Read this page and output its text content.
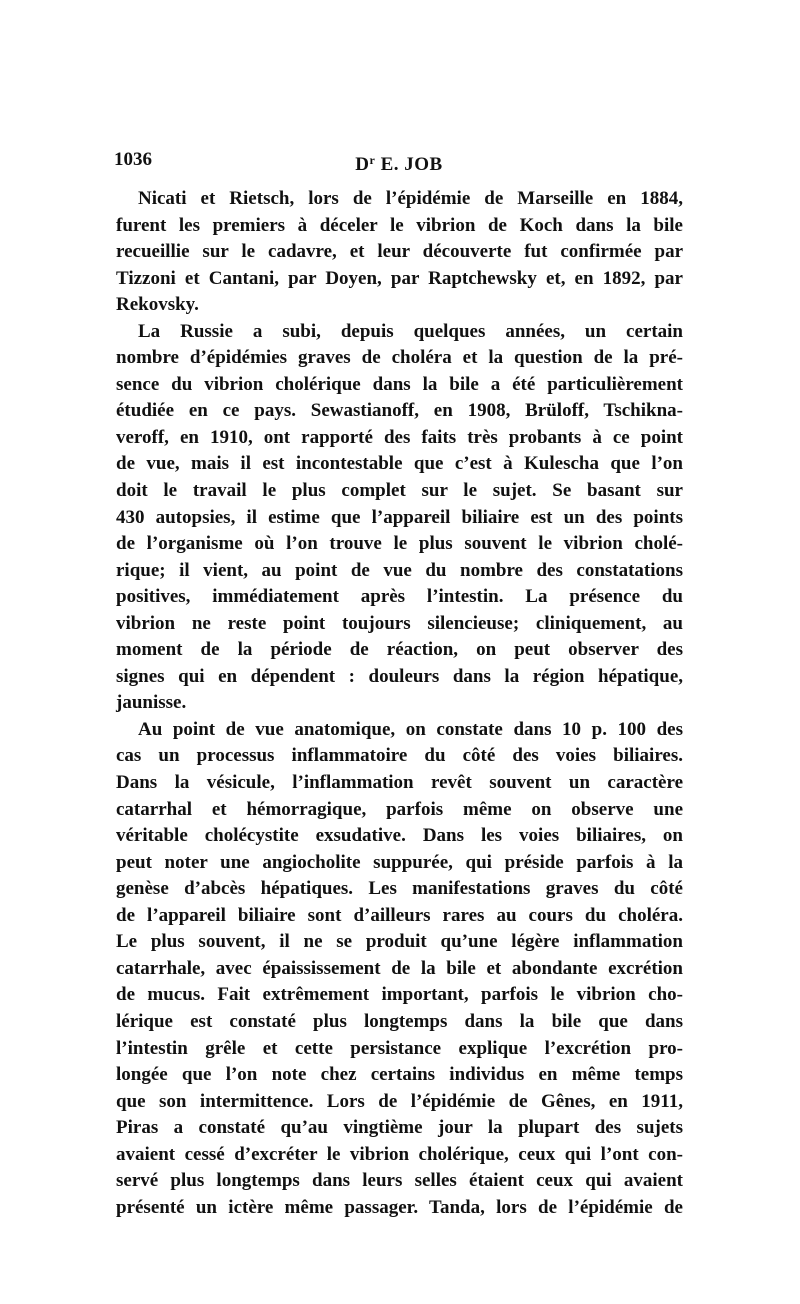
1036	$D^r$ E. JOB
Nicati et Rietsch, lors de l’épidémie de Marseille en 1884,
furent les premiers à déceler le vibrion de Koch dans la bile
recueillie sur le cadavre, et leur découverte fut confirmée par
Tizzoni et Cantani, par Doyen, par Raptchewsky et, en 1892, par
Rekovsky.
La Russie a subi, depuis quelques années, un certain
nombre d’épidémies graves de choléra et la question de la pré-
sence du vibrion cholérique dans la bile a été particulièrement
étudiée en ce pays. Sewastianoff, en 1908, Brüloff, Tschikna-
veroff, en 1910, ont rapporté des faits très probants à ce point
de vue, mais il est incontestable que c’est à Kulescha que l’on
doit le travail le plus complet sur le sujet. Se basant sur
430 autopsies, il estime que l’appareil biliaire est un des points
de l’organisme où l’on trouve le plus souvent le vibrion cholé-
rique; il vient, au point de vue du nombre des constatations
positives, immédiatement après l’intestin. La présence du
vibrion ne reste point toujours silencieuse; cliniquement, au
moment de la période de réaction, on peut observer des
signes qui en dépendent : douleurs dans la région hépatique,
jaunisse.
Au point de vue anatomique, on constate dans 10 p. 100 des
cas un processus inflammatoire du côté des voies biliaires.
Dans la vésicule, l’inflammation revêt souvent un caractère
catarrhal et hémorragique, parfois même on observe une
véritable cholécystite exsudative. Dans les voies biliaires, on
peut noter une angiocholite suppurée, qui préside parfois à la
genèse d’abcès hépatiques. Les manifestations graves du côté
de l’appareil biliaire sont d’ailleurs rares au cours du choléra.
Le plus souvent, il ne se produit qu’une légère inflammation
catarrhale, avec épaississement de la bile et abondante excrétion
de mucus. Fait extrêmement important, parfois le vibrion cho-
lérique est constaté plus longtemps dans la bile que dans
l’intestin grêle et cette persistance explique l’excrétion pro-
longée que l’on note chez certains individus en même temps
que son intermittence. Lors de l’épidémie de Gênes, en 1911,
Piras a constaté qu’au vingtième jour la plupart des sujets
avaient cessé d’excréter le vibrion cholérique, ceux qui l’ont con-
servé plus longtemps dans leurs selles étaient ceux qui avaient
présenté un ictère même passager. Tanda, lors de l’épidémie de
